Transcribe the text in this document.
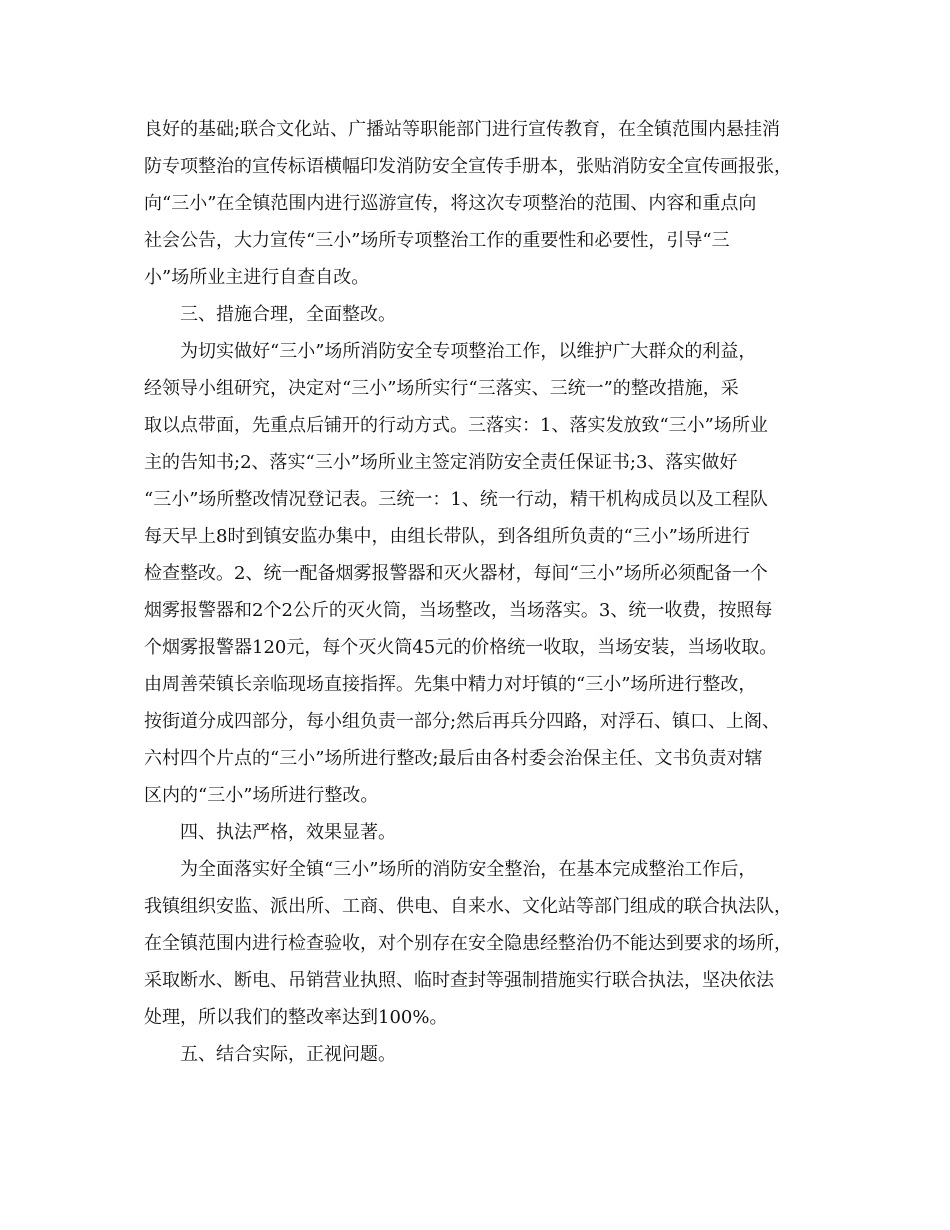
良好的基础;联合文化站、广播站等职能部门进行宣传教育，在全镇范围内悬挂消
防专项整治的宣传标语横幅印发消防安全宣传手册本，张贴消防安全宣传画报张，
向“三小”在全镇范围内进行巡游宣传，将这次专项整治的范围、内容和重点向
社会公告，大力宣传“三小”场所专项整治工作的重要性和必要性，引导“三
小”场所业主进行自查自改。
三、措施合理，全面整改。
为切实做好“三小”场所消防安全专项整治工作，以维护广大群众的利益，
经领导小组研究，决定对“三小”场所实行“三落实、三统一”的整改措施，采
取以点带面，先重点后铺开的行动方式。三落实：1、落实发放致“三小”场所业
主的告知书;2、落实“三小”场所业主签定消防安全责任保证书;3、落实做好
“三小”场所整改情况登记表。三统一：1、统一行动，精干机构成员以及工程队
每天早上8时到镇安监办集中，由组长带队，到各组所负责的“三小”场所进行
检查整改。2、统一配备烟雾报警器和灭火器材，每间“三小”场所必须配备一个
烟雾报警器和2个2公斤的灭火筒，当场整改，当场落实。3、统一收费，按照每
个烟雾报警器120元，每个灭火筒45元的价格统一收取，当场安装，当场收取。
由周善荣镇长亲临现场直接指挥。先集中精力对圩镇的“三小”场所进行整改，
按街道分成四部分，每小组负责一部分;然后再兵分四路，对浮石、镇口、上阁、
六村四个片点的“三小”场所进行整改;最后由各村委会治保主任、文书负责对辖
区内的“三小”场所进行整改。
四、执法严格，效果显著。
为全面落实好全镇“三小”场所的消防安全整治，在基本完成整治工作后，
我镇组织安监、派出所、工商、供电、自来水、文化站等部门组成的联合执法队，
在全镇范围内进行检查验收，对个别存在安全隐患经整治仍不能达到要求的场所，
采取断水、断电、吊销营业执照、临时查封等强制措施实行联合执法，坚决依法
处理，所以我们的整改率达到100%。
五、结合实际，正视问题。
